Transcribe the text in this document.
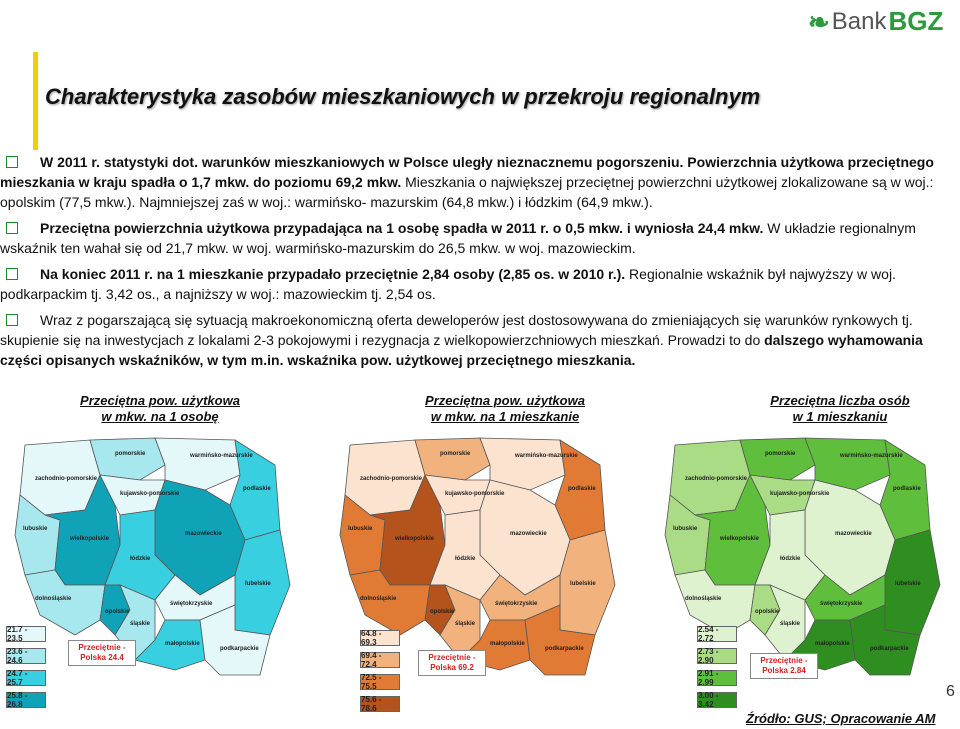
❧ Bank BGZ
Charakterystyka zasobów mieszkaniowych w przekroju regionalnym
W 2011 r. statystyki dot. warunków mieszkaniowych w Polsce uległy nieznacznemu pogorszeniu. Powierzchnia użytkowa przeciętnego mieszkania w kraju spadła o 1,7 mkw. do poziomu 69,2 mkw. Mieszkania o największej przeciętnej powierzchni użytkowej zlokalizowane są w woj.: opolskim (77,5 mkw.). Najmniejszej zaś w woj.: warmińsko- mazurskim (64,8 mkw.) i łódzkim (64,9 mkw.).
Przeciętna powierzchnia użytkowa przypadająca na 1 osobę spadła w 2011 r. o 0,5 mkw. i wyniosła 24,4 mkw. W układzie regionalnym wskaźnik ten wahał się od 21,7 mkw. w woj. warmińsko-mazurskim do 26,5 mkw. w woj. mazowieckim.
Na koniec 2011 r. na 1 mieszkanie przypadało przeciętnie 2,84 osoby (2,85 os. w 2010 r.). Regionalnie wskaźnik był najwyższy w woj. podkarpackim tj. 3,42 os., a najniższy w woj.: mazowieckim tj. 2,54 os.
Wraz z pogarszającą się sytuacją makroekonomiczną oferta deweloperów jest dostosowywana do zmieniających się warunków rynkowych tj. skupienie się na inwestycjach z lokalami 2-3 pokojowymi i rezygnacja z wielkopowierzchniowych mieszkań. Prowadzi to do dalszego wyhamowania części opisanych wskaźników, w tym m.in. wskaźnika pow. użytkowej przeciętnego mieszkania.
Przeciętna pow. użytkowa
w mkw. na 1 osobę
Przeciętna pow. użytkowa
w mkw. na 1 mieszkanie
Przeciętna liczba osób
w 1 mieszkaniu
zachodnio-pomorskie
pomorskie	warmińsko-mazurskie
podlaskie
lubuskie
wielkopolskie
kujawsko-pomorskie
mazowieckie
łódzkie
lubelskie
dolnośląskie
opolskie
śląskie
świętokrzyskie
małopolskie
podkarpackie
zachodnio-pomorskie
pomorskie	warmińsko-mazurskie
podlaskie
lubuskie
wielkopolskie
kujawsko-pomorskie
mazowieckie
łódzkie
lubelskie
dolnośląskie
opolskie
śląskie
świętokrzyskie
małopolskie
podkarpackie
zachodnio-pomorskie
pomorskie	warmińsko-mazurskie
podlaskie
lubuskie
wielkopolskie
kujawsko-pomorskie
mazowieckie
łódzkie
lubelskie
dolnośląskie
opolskie
śląskie
świętokrzyskie
małopolskie
podkarpackie
21.7 - 23.5
23.6 - 24.6
24.7 - 25.7
25.8 - 26.8
64.8 - 69.3
69.4 - 72.4
72.5 - 75.5
75.6 - 78.6
2.54 - 2.72
2.73 - 2.90
2.91 - 2.99
3.00 - 3.42
Przeciętnie - Polska 24.4	Przeciętnie - Polska 69.2
Przeciętnie - Polska 2.84
6
Źródło: GUS; Opracowanie AM
